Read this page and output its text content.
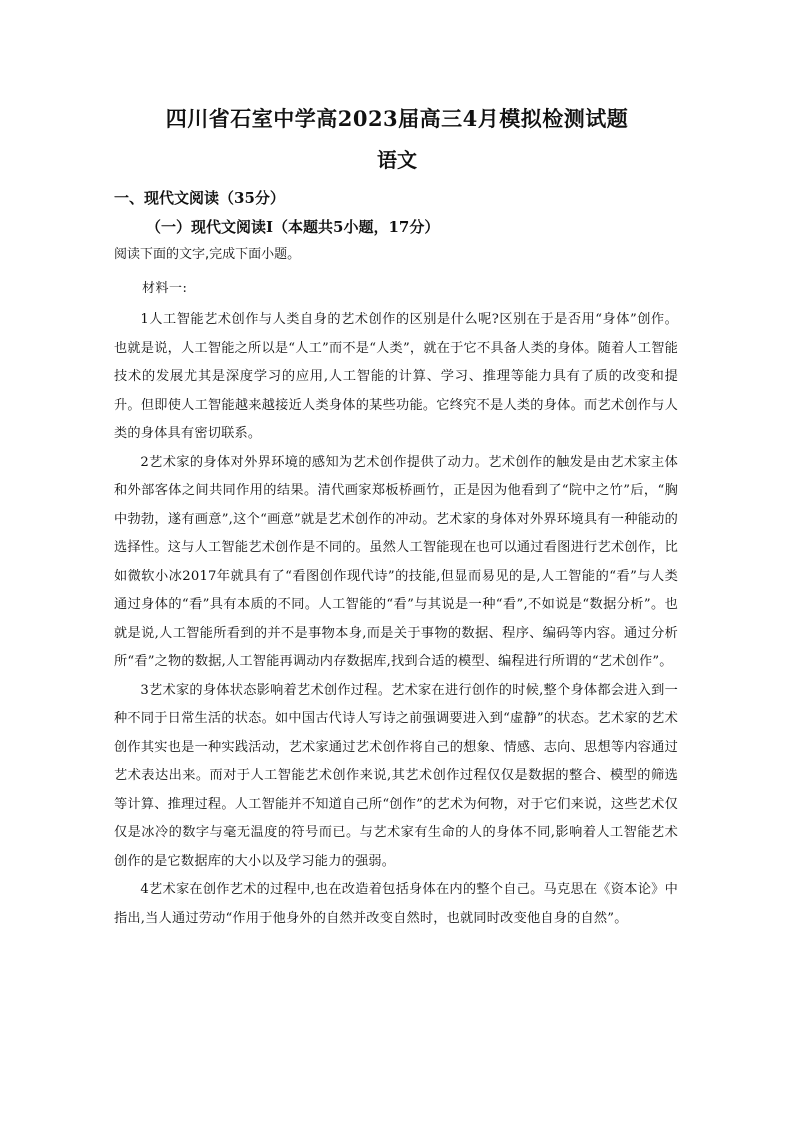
四川省石室中学高2023届高三4月模拟检测试题
语文
一、现代文阅读（35分）
（一）现代文阅读Ⅰ（本题共5小题，17分）
阅读下面的文字,完成下面小题。
材料一:

1人工智能艺术创作与人类自身的艺术创作的区别是什么呢?区别在于是否用“身体”创作。也就是说，人工智能之所以是“人工”而不是“人类”，就在于它不具备人类的身体。随着人工智能技术的发展尤其是深度学习的应用,人工智能的计算、学习、推理等能力具有了质的改变和提升。但即使人工智能越来越接近人类身体的某些功能。它终究不是人类的身体。而艺术创作与人类的身体具有密切联系。

2艺术家的身体对外界环境的感知为艺术创作提供了动力。艺术创作的触发是由艺术家主体和外部客体之间共同作用的结果。清代画家郑板桥画竹，正是因为他看到了“院中之竹”后，“胸中勃勃，遂有画意”,这个“画意”就是艺术创作的冲动。艺术家的身体对外界环境具有一种能动的选择性。这与人工智能艺术创作是不同的。虽然人工智能现在也可以通过看图进行艺术创作，比如微软小冰2017年就具有了“看图创作现代诗”的技能,但显而易见的是,人工智能的“看”与人类通过身体的“看”具有本质的不同。人工智能的“看”与其说是一种“看”,不如说是“数据分析”。也就是说,人工智能所看到的并不是事物本身,而是关于事物的数据、程序、编码等内容。通过分析所“看”之物的数据,人工智能再调动内存数据库,找到合适的模型、编程进行所谓的“艺术创作”。

3艺术家的身体状态影响着艺术创作过程。艺术家在进行创作的时候,整个身体都会进入到一种不同于日常生活的状态。如中国古代诗人写诗之前强调要进入到“虚静”的状态。艺术家的艺术创作其实也是一种实践活动，艺术家通过艺术创作将自己的想象、情感、志向、思想等内容通过艺术表达出来。而对于人工智能艺术创作来说,其艺术创作过程仅仅是数据的整合、模型的筛选等计算、推理过程。人工智能并不知道自己所“创作”的艺术为何物，对于它们来说，这些艺术仅仅是冰冷的数字与毫无温度的符号而已。与艺术家有生命的人的身体不同,影响着人工智能艺术创作的是它数据库的大小以及学习能力的强弱。

4艺术家在创作艺术的过程中,也在改造着包括身体在内的整个自己。马克思在《资本论》中指出,当人通过劳动“作用于他身外的自然并改变自然时，也就同时改变他自身的自然”。
